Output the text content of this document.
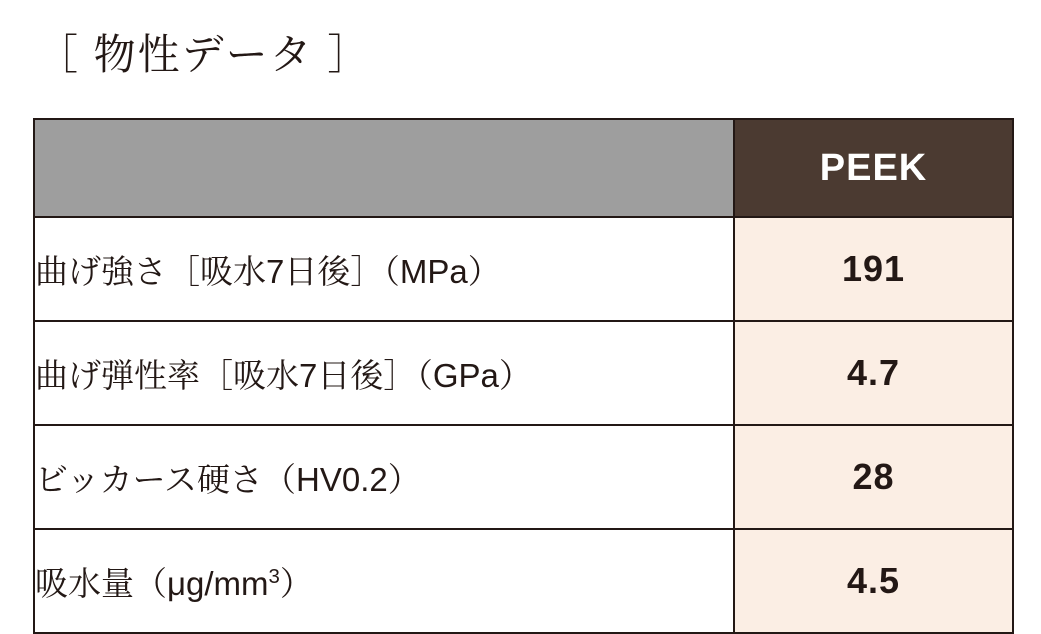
［ 物性データ ］
	PEEK
曲げ強さ［吸水7日後］（MPa）	191
曲げ弾性率［吸水7日後］（GPa）	4.7
ビッカース硬さ（HV0.2）	28
吸水量$(\mu g/mm^3)$	4.5
